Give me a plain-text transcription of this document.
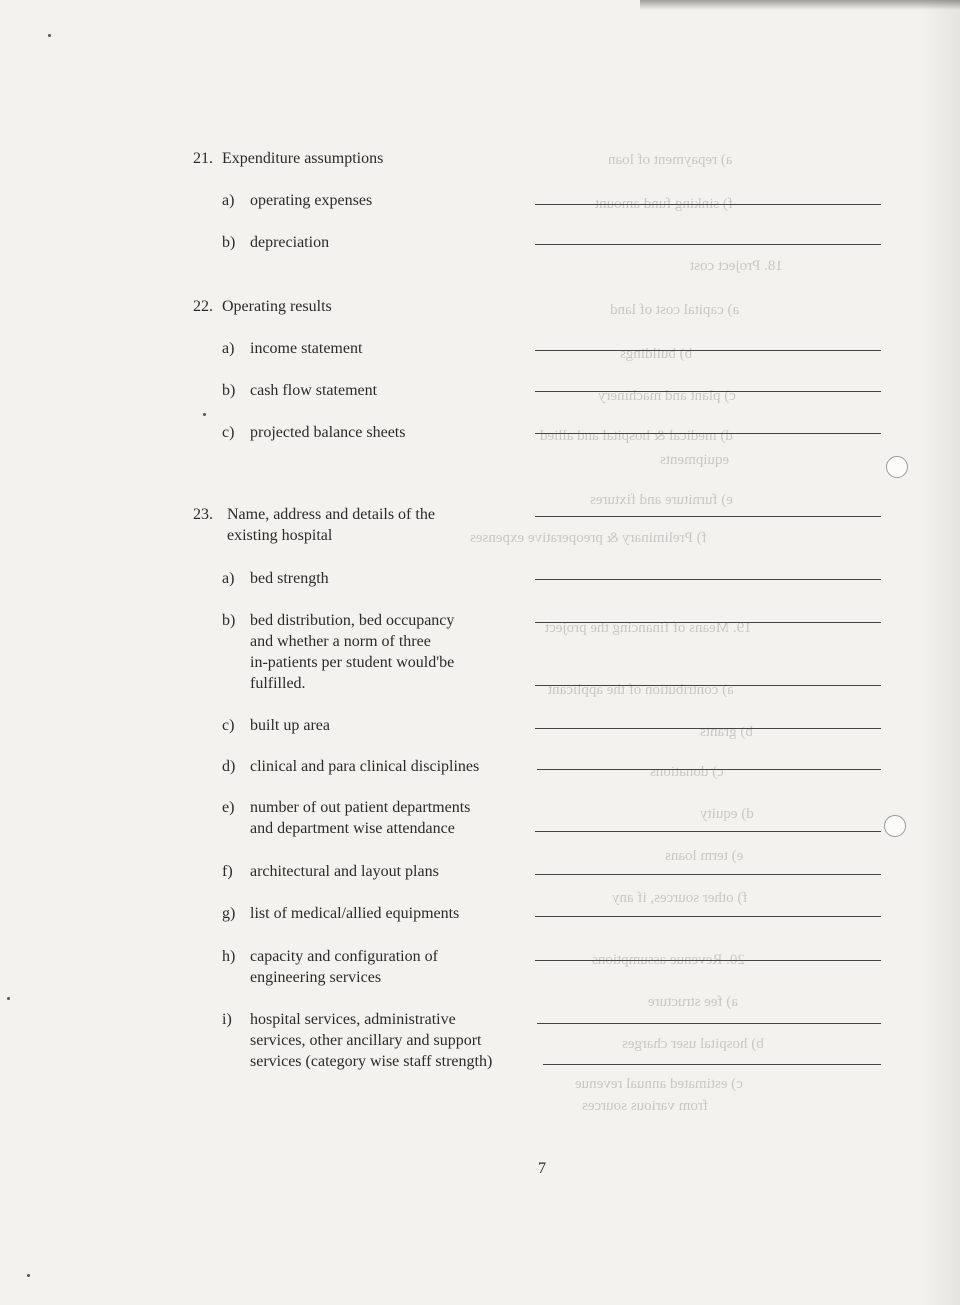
a) repayment of loan
f) sinking fund amount
18. Project cost
a) capital cost of land
b) buildings
c) plant and machinery
d) medical & hospital and allied
equipments
e) furniture and fixtures
f) Preliminary & preoperative expenses
19. Means of financing the project
a) contribution of the applicant
b) grants
c) donations
d) equity
e) term loans
f) other sources, if any
20. Revenue assumptions
a) fee structure
b) hospital user charges
c) estimated annual revenue
from various sources
21. Expenditure assumptions
a) operating expenses
b) depreciation
22. Operating results
a) income statement
b) cash flow statement
c) projected balance sheets
23. Name, address and details of the
existing hospital
a) bed strength
b) bed distribution, bed occupancy
and whether a norm of three
in-patients per student would'be
fulfilled.
c) built up area
d) clinical and para clinical disciplines
e) number of out patient departments
and department wise attendance
f) architectural and layout plans
g) list of medical/allied equipments
h) capacity and configuration of
engineering services
i) hospital services, administrative
services, other ancillary and support
services (category wise staff strength)
7
